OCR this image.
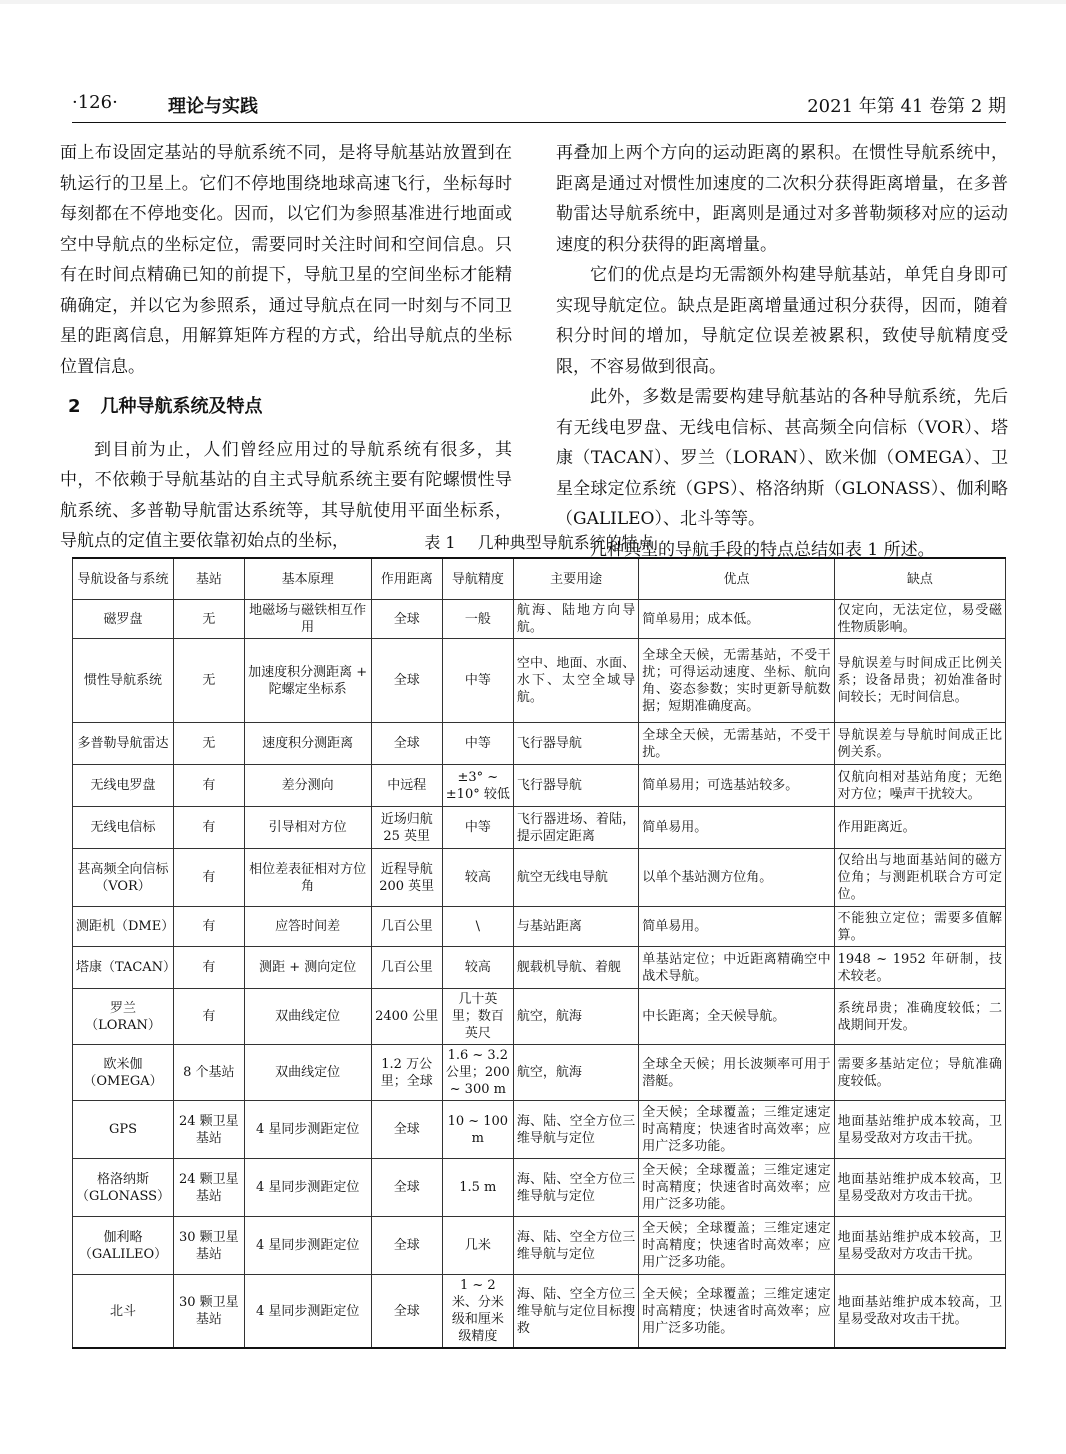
·126·	理论与实践	2021 年第 41 卷第 2 期

面上布设固定基站的导航系统不同，是将导航基站放置到在轨运行的卫星上。它们不停地围绕地球高速飞行，坐标每时每刻都在不停地变化。因而，以它们为参照基准进行地面或空中导航点的坐标定位，需要同时关注时间和空间信息。只有在时间点精确已知的前提下，导航卫星的空间坐标才能精确确定，并以它为参照系，通过导航点在同一时刻与不同卫星的距离信息，用解算矩阵方程的方式，给出导航点的坐标位置信息。

2 几种导航系统及特点

到目前为止，人们曾经应用过的导航系统有很多，其中，不依赖于导航基站的自主式导航系统主要有陀螺惯性导航系统、多普勒导航雷达系统等，其导航使用平面坐标系，导航点的定值主要依靠初始点的坐标，

再叠加上两个方向的运动距离的累积。在惯性导航系统中，距离是通过对惯性加速度的二次积分获得距离增量，在多普勒雷达导航系统中，距离则是通过对多普勒频移对应的运动速度的积分获得的距离增量。

它们的优点是均无需额外构建导航基站，单凭自身即可实现导航定位。缺点是距离增量通过积分获得，因而，随着积分时间的增加，导航定位误差被累积，致使导航精度受限，不容易做到很高。

此外，多数是需要构建导航基站的各种导航系统，先后有无线电罗盘、无线电信标、甚高频全向信标（VOR）、塔康（TACAN）、罗兰（LORAN）、欧米伽（OMEGA）、卫星全球定位系统（GPS）、格洛纳斯（GLONASS）、伽利略（GALILEO）、北斗等等。

几种典型的导航手段的特点总结如表 1 所述。

表 1 几种典型导航系统的特点
导航设备与系统	基站	基本原理	作用距离	导航精度	主要用途	优点	缺点
磁罗盘	无	地磁场与磁铁相互作用	全球	一般	航海、陆地方向导航。	简单易用；成本低。	仅定向，无法定位，易受磁性物质影响。
惯性导航系统	无	加速度积分测距离 + 陀螺定坐标系	全球	中等	空中、地面、水面、水下、太空全域导航。	全球全天候，无需基站，不受干扰；可得运动速度、坐标、航向角、姿态参数；实时更新导航数据；短期准确度高。	导航误差与时间成正比例关系；设备昂贵；初始准备时间较长；无时间信息。
多普勒导航雷达	无	速度积分测距离	全球	中等	飞行器导航	全球全天候，无需基站，不受干扰。	导航误差与导航时间成正比例关系。
无线电罗盘	有	差分测向	中远程	±3° ~ ±10° 较低	飞行器导航	简单易用；可选基站较多。	仅航向相对基站角度；无绝对方位；噪声干扰较大。
无线电信标	有	引导相对方位	近场归航 25 英里	中等	飞行器进场、着陆，提示固定距离	简单易用。	作用距离近。
甚高频全向信标（VOR）	有	相位差表征相对方位角	近程导航 200 英里	较高	航空无线电导航	以单个基站测方位角。	仅给出与地面基站间的磁方位角；与测距机联合方可定位。
测距机（DME）	有	应答时间差	几百公里	\	与基站距离	简单易用。	不能独立定位；需要多值解算。
塔康（TACAN）	有	测距 + 测向定位	几百公里	较高	舰载机导航、着舰	单基站定位；中近距离精确空中战术导航。	1948 ~ 1952 年研制，技术较老。
罗兰（LORAN）	有	双曲线定位	2400 公里	几十英里；数百英尺	航空，航海	中长距离；全天候导航。	系统昂贵；准确度较低；二战期间开发。
欧米伽（OMEGA）	8 个基站	双曲线定位	1.2 万公里；全球	1.6 ~ 3.2 公里；200 ~ 300 m	航空，航海	全球全天候；用长波频率可用于潜艇。	需要多基站定位；导航准确度较低。
GPS	24 颗卫星基站	4 星同步测距定位	全球	10 ~ 100 m	海、陆、空全方位三维导航与定位	全天候；全球覆盖；三维定速定时高精度；快速省时高效率；应用广泛多功能。	地面基站维护成本较高，卫星易受敌对方攻击干扰。
格洛纳斯（GLONASS）	24 颗卫星基站	4 星同步测距定位	全球	1.5 m	海、陆、空全方位三维导航与定位	全天候；全球覆盖；三维定速定时高精度；快速省时高效率；应用广泛多功能。	地面基站维护成本较高，卫星易受敌对方攻击干扰。
伽利略（GALILEO）	30 颗卫星基站	4 星同步测距定位	全球	几米	海、陆、空全方位三维导航与定位	全天候；全球覆盖；三维定速定时高精度；快速省时高效率；应用广泛多功能。	地面基站维护成本较高，卫星易受敌对方攻击干扰。
北斗	30 颗卫星基站	4 星同步测距定位	全球	1 ~ 2 米、分米级和厘米级精度	海、陆、空全方位三维导航与定位目标搜救	全天候；全球覆盖；三维定速定时高精度；快速省时高效率；应用广泛多功能。	地面基站维护成本较高，卫星易受敌对攻击干扰。
